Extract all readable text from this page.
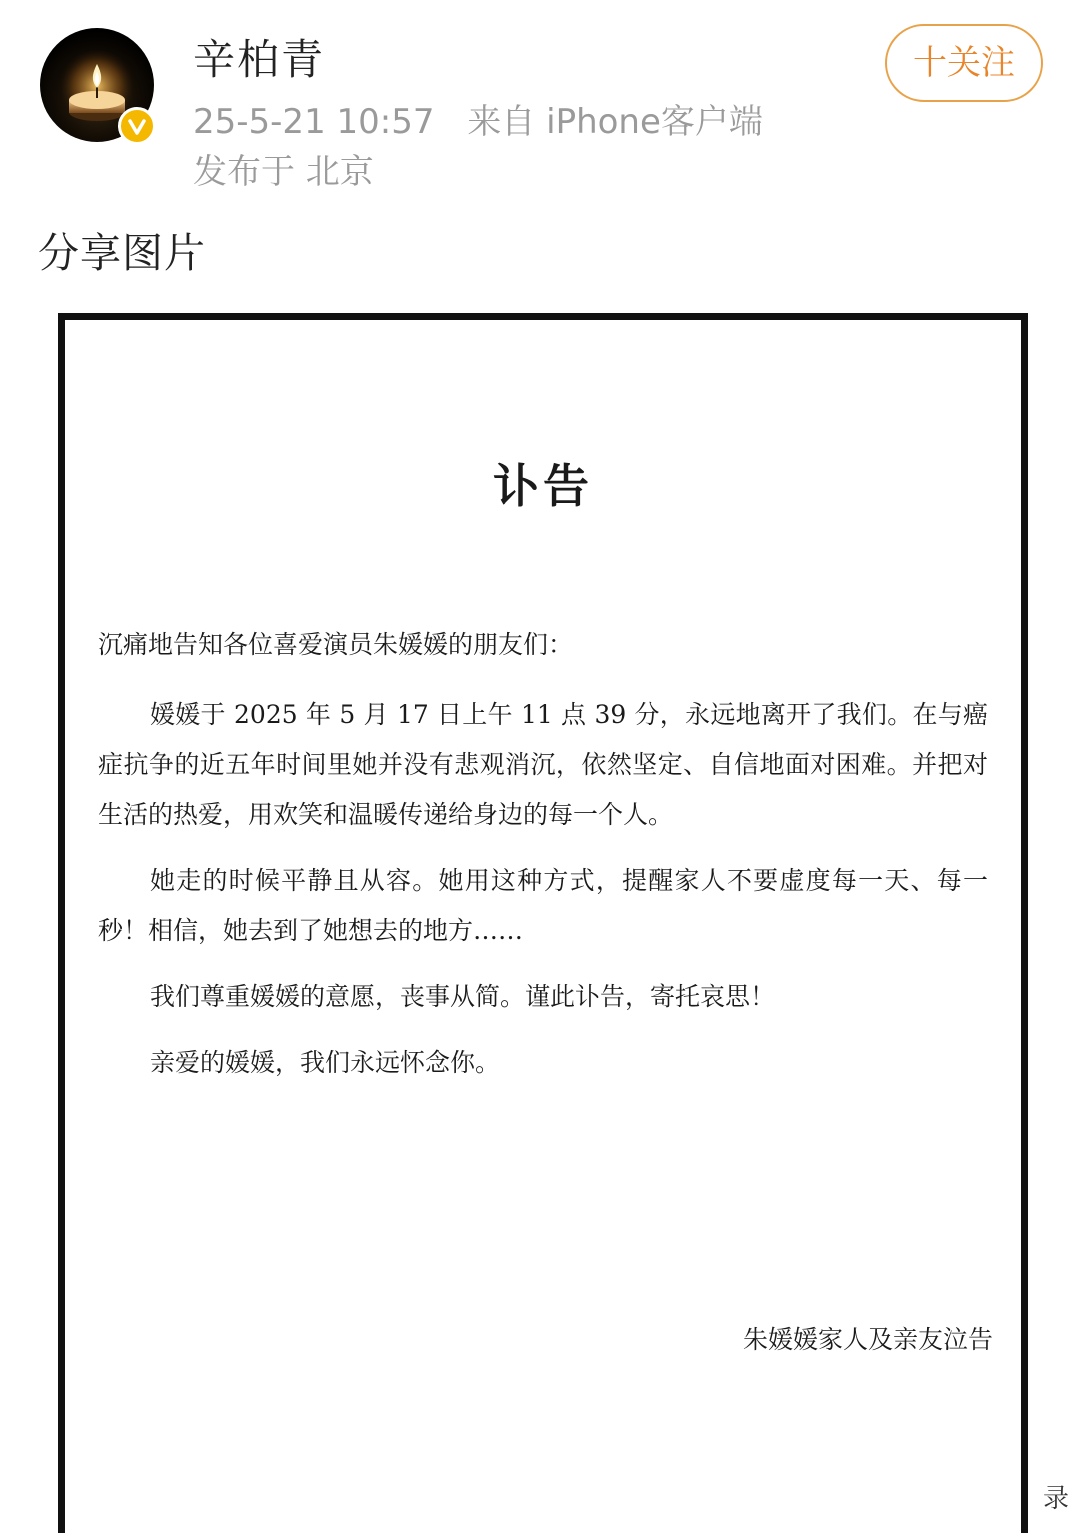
辛柏青
25-5-21 10:57 来自 iPhone客户端
发布于 北京
十关注
分享图片
讣告

沉痛地告知各位喜爱演员朱媛媛的朋友们：

媛媛于 2025 年 5 月 17 日上午 11 点 39 分，永远地离开了我们。在与癌症抗争的近五年时间里她并没有悲观消沉，依然坚定、自信地面对困难。并把对生活的热爱，用欢笑和温暖传递给身边的每一个人。

她走的时候平静且从容。她用这种方式，提醒家人不要虚度每一天、每一秒！相信，她去到了她想去的地方……

我们尊重媛媛的意愿，丧事从简。谨此讣告，寄托哀思！

亲爱的媛媛，我们永远怀念你。

朱媛媛家人及亲友泣告
录
